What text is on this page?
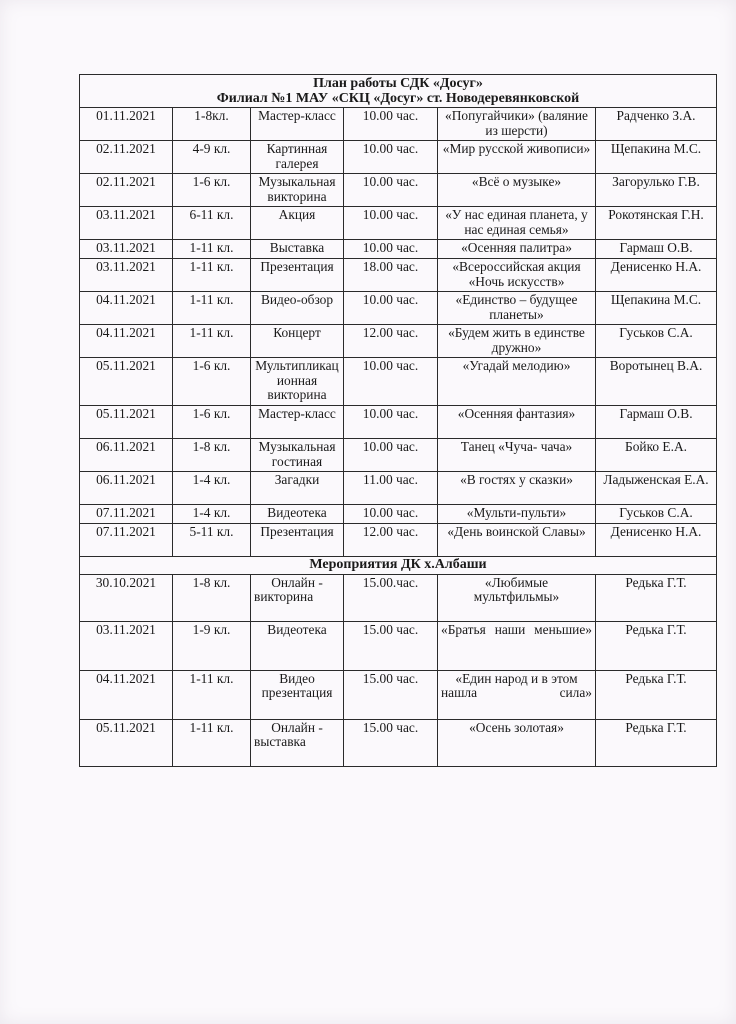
План работы СДК «Досуг»
Филиал №1 МАУ «СКЦ «Досуг» ст. Новодеревянковской					
01.11.2021	1-8кл.	Мастер-класс	10.00 час.	«Попугайчики» (валяние из шерсти)	Радченко З.А.
02.11.2021	4-9 кл.	Картинная галерея	10.00 час.	«Мир русской живописи»	Щепакина М.С.
02.11.2021	1-6 кл.	Музыкальная викторина	10.00 час.	«Всё о музыке»	Загорулько Г.В.
03.11.2021	6-11 кл.	Акция	10.00 час.	«У нас единая планета, у нас единая семья»	Рокотянская Г.Н.
03.11.2021	1-11 кл.	Выставка	10.00 час.	«Осенняя палитра»	Гармаш О.В.
03.11.2021	1-11 кл.	Презентация	18.00 час.	«Всероссийская акция «Ночь искусств»	Денисенко Н.А.
04.11.2021	1-11 кл.	Видео-обзор	10.00 час.	«Единство – будущее планеты»	Щепакина М.С.
04.11.2021	1-11 кл.	Концерт	12.00 час.	«Будем жить в единстве дружно»	Гуськов С.А.
05.11.2021	1-6 кл.	Мультипликационная викторина	10.00 час.	«Угадай мелодию»	Воротынец В.А.
05.11.2021	1-6 кл.	Мастер-класс	10.00 час.	«Осенняя фантазия»	Гармаш О.В.
06.11.2021	1-8 кл.	Музыкальная гостиная	10.00 час.	Танец «Чуча- чача»	Бойко Е.А.
06.11.2021	1-4 кл.	Загадки	11.00 час.	«В гостях у сказки»	Ладыженская Е.А.
07.11.2021	1-4 кл.	Видеотека	10.00 час.	«Мульти-пульти»	Гуськов С.А.
07.11.2021	5-11 кл.	Презентация	12.00 час.	«День воинской Славы»	Денисенко Н.А.
Мероприятия ДК х.Албаши					
30.10.2021	1-8 кл.	Онлайн - викторина	15.00.час.	«Любимые мультфильмы»	Редька Г.Т.
03.11.2021	1-9 кл.	Видеотека	15.00 час.	«Братья наши меньшие»	Редька Г.Т.
04.11.2021	1-11 кл.	Видео презентация	15.00 час.	«Един народ и в этом нашла сила»	Редька Г.Т.
05.11.2021	1-11 кл.	Онлайн - выставка	15.00 час.	«Осень золотая»	Редька Г.Т.
